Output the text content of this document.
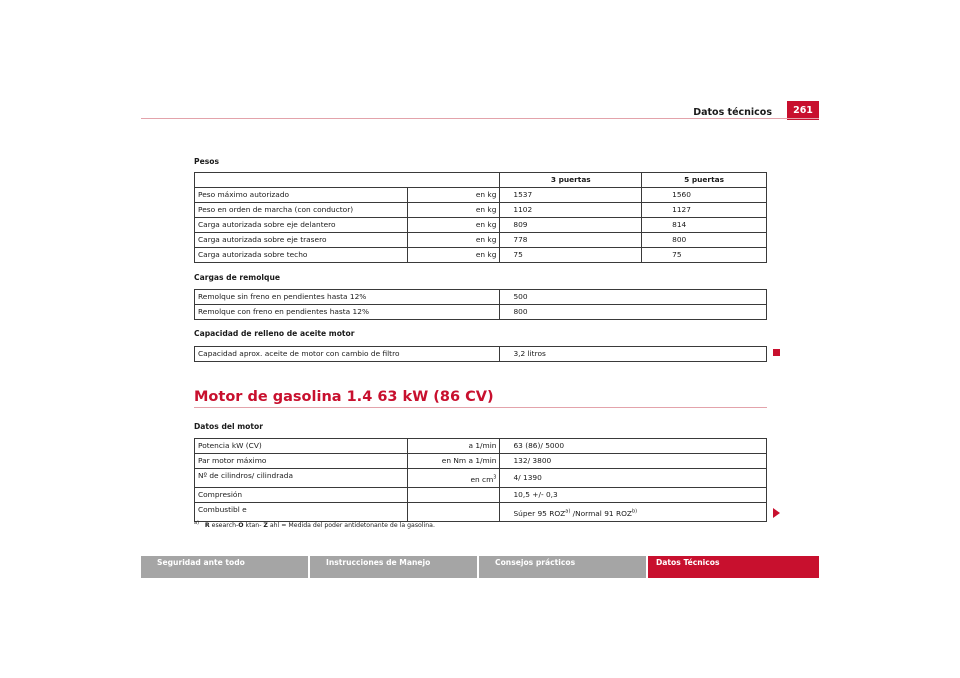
Datos técnicos	261
Pesos
		3 puertas	5 puertas
Peso máximo autorizado	en kg	1537	1560
Peso en orden de marcha (con conductor)	en kg	1102	1127
Carga autorizada sobre eje delantero	en kg	809	814
Carga autorizada sobre eje trasero	en kg	778	800
Carga autorizada sobre techo	en kg	75	75
Cargas de remolque
Remolque sin freno en pendientes hasta 12%	500
Remolque con freno en pendientes hasta 12%	800
Capacidad de relleno de aceite motor
Capacidad aprox. aceite de motor con cambio de filtro	3,2 litros
Motor de gasolina 1.4 63 kW (86 CV)
Datos del motor
Potencia kW (CV)	a 1/min	63 (86)/ 5000
Par motor máximo	en Nm a 1/min	132/ 3800
Nº de cilindros/ cilindrada	en $cm^3$	4/ 1390
Compresión		10,5 +/- 0,3
Combustibl e		Súper 95 ROZ$^{a)}$ /Normal 91 ROZ$^{b)}$
$^{a)}$ R esearch-O ktan- Z ahl = Medida del poder antidetonante de la gasolina.
Seguridad ante todo	Instrucciones de Manejo	Consejos prácticos	Datos Técnicos
